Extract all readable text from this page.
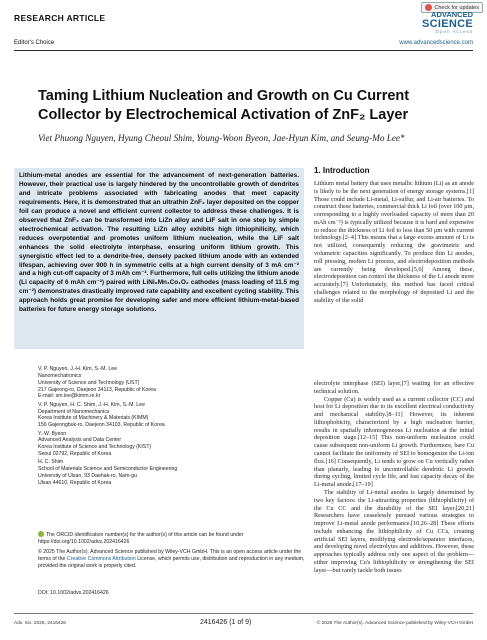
Check for updates
RESEARCH ARTICLE
Editor's Choice
ADVANCED
SCIENCE
Open Access
www.advancedscience.com
Taming Lithium Nucleation and Growth on Cu Current Collector by Electrochemical Activation of ZnF₂ Layer
Viet Phuong Nguyen, Hyung Cheoul Shim, Young-Woon Byeon, Jae-Hyun Kim, and Seung-Mo Lee*

Lithium-metal anodes are essential for the advancement of next-generation batteries. However, their practical use is largely hindered by the uncontrollable growth of dendrites and intricate problems associated with fabricating anodes that meet capacity requirements. Here, it is demonstrated that an ultrathin ZnF₂ layer deposited on the copper foil can produce a novel and efficient current collector to address these challenges. It is observed that ZnF₂ can be transformed into LiZn alloy and LiF salt in one step by simple electrochemical activation. The resulting LiZn alloy exhibits high lithiophilicity, which reduces overpotential and promotes uniform lithium nucleation, while the LiF salt enhances the solid electrolyte interphase, ensuring uniform lithium growth. This synergistic effect led to a dendrite-free, densely packed lithium anode with an extended lifespan, achieving over 900 h in symmetric cells at a high current density of 3 mA cm⁻² and a high cut-off capacity of 3 mAh cm⁻². Furthermore, full cells utilizing the lithium anode (Li capacity of 6 mAh cm⁻²) paired with LiNi₈Mn₁Co₁O₂ cathodes (mass loading of 11.5 mg cm⁻²) demonstrates drastically improved rate capability and excellent cycling stability. This approach holds great promise for developing safer and more efficient lithium-metal-based batteries for future energy storage solutions.

V. P. Nguyen, J.-H. Kim, S.-M. Lee
Nanomechatronics
University of Science and Technology (UST)
217 Gajeong-ro, Daejeon 34113, Republic of Korea
E-mail: sm.lee@kimm.re.kr

V. P. Nguyen, H. C. Shim, J.-H. Kim, S.-M. Lee
Department of Nanomechanics
Korea Institute of Machinery & Materials (KIMM)
156 Gajeongbuk-ro, Daejeon 34103, Republic of Korea

Y.-W. Byeon
Advanced Analysis and Data Center
Korea Institute of Science and Technology (KIST)
Seoul 02792, Republic of Korea

H. C. Shim
School of Materials Science and Semiconductor Engineering
University of Ulsan, 93 Daehak-ro, Nam-gu
Ulsan 44610, Republic of Korea

The ORCID identification number(s) for the author(s) of this article can be found under https://doi.org/10.1002/advs.202416426
© 2025 The Author(s). Advanced Science published by Wiley-VCH GmbH. This is an open access article under the terms of the Creative Commons Attribution License, which permits use, distribution and reproduction in any medium, provided the original work is properly cited.
DOI: 10.1002/advs.202416426
1. Introduction

Lithium metal battery that uses metallic lithium (Li) as an anode is likely to be the next generation of energy storage systems.[1] Those could include Li-metal, Li-sulfur, and Li-air batteries. To construct these batteries, commercial thick Li foil (over 100 µm, corresponding to a highly overloaded capacity of more than 20 mAh cm⁻²) is typically utilized because it is hard and expensive to reduce the thickness of Li foil to less than 50 µm with current technology.[2–4] This means that a large excess amount of Li is not utilized, consequently reducing the gravimetric and volumetric capacities significantly. To produce thin Li anodes, roll pressing, molten Li process, and electrodeposition methods are currently being developed.[5,6] Among these, electrodeposition can control the thickness of the Li anode more accurately.[7] Unfortunately, this method has faced critical challenges related to the morphology of deposited Li and the stability of the solid

electrolyte interphase (SEI) layer,[7] waiting for an effective technical solution.

Copper (Cu) is widely used as a current collector (CC) and host for Li deposition due to its excellent electrical conductivity and mechanical stability.[8–11] However, its inherent lithiophobicity, characterized by a high nucleation barrier, results in spatially inhomogeneous Li nucleation at the initial deposition stage.[12–15] This non-uniform nucleation could cause subsequent non-uniform Li growth. Furthermore, bare Cu cannot facilitate the uniformity of SEI to homogenize the Li-ion flux.[16] Consequently, Li tends to grow on Cu vertically rather than planarly, leading to uncontrollable dendritic Li growth during cycling, limited cycle life, and fast capacity decay of the Li-metal anode.[17–19]

The stability of Li-metal anodes is largely determined by two key factors: the Li-attracting properties (lithiophilicity) of the Cu CC and the durability of the SEI layer.[20,21] Researchers have ceaselessly pursued various strategies to improve Li-metal anode performance.[10,26–28] These efforts include enhancing the lithiophilicity of Cu CCs, creating artificial SEI layers, modifying electrode/separator interfaces, and developing novel electrolytes and additives. However, these approaches typically address only one aspect of the problem—either improving Cu's lithiophilicity or strengthening the SEI layer—but rarely tackle both issues

Adv. Sci. 2025, 2416426	2416426 (1 of 9)	© 2025 The Author(s). Advanced Science published by Wiley-VCH GmbH
